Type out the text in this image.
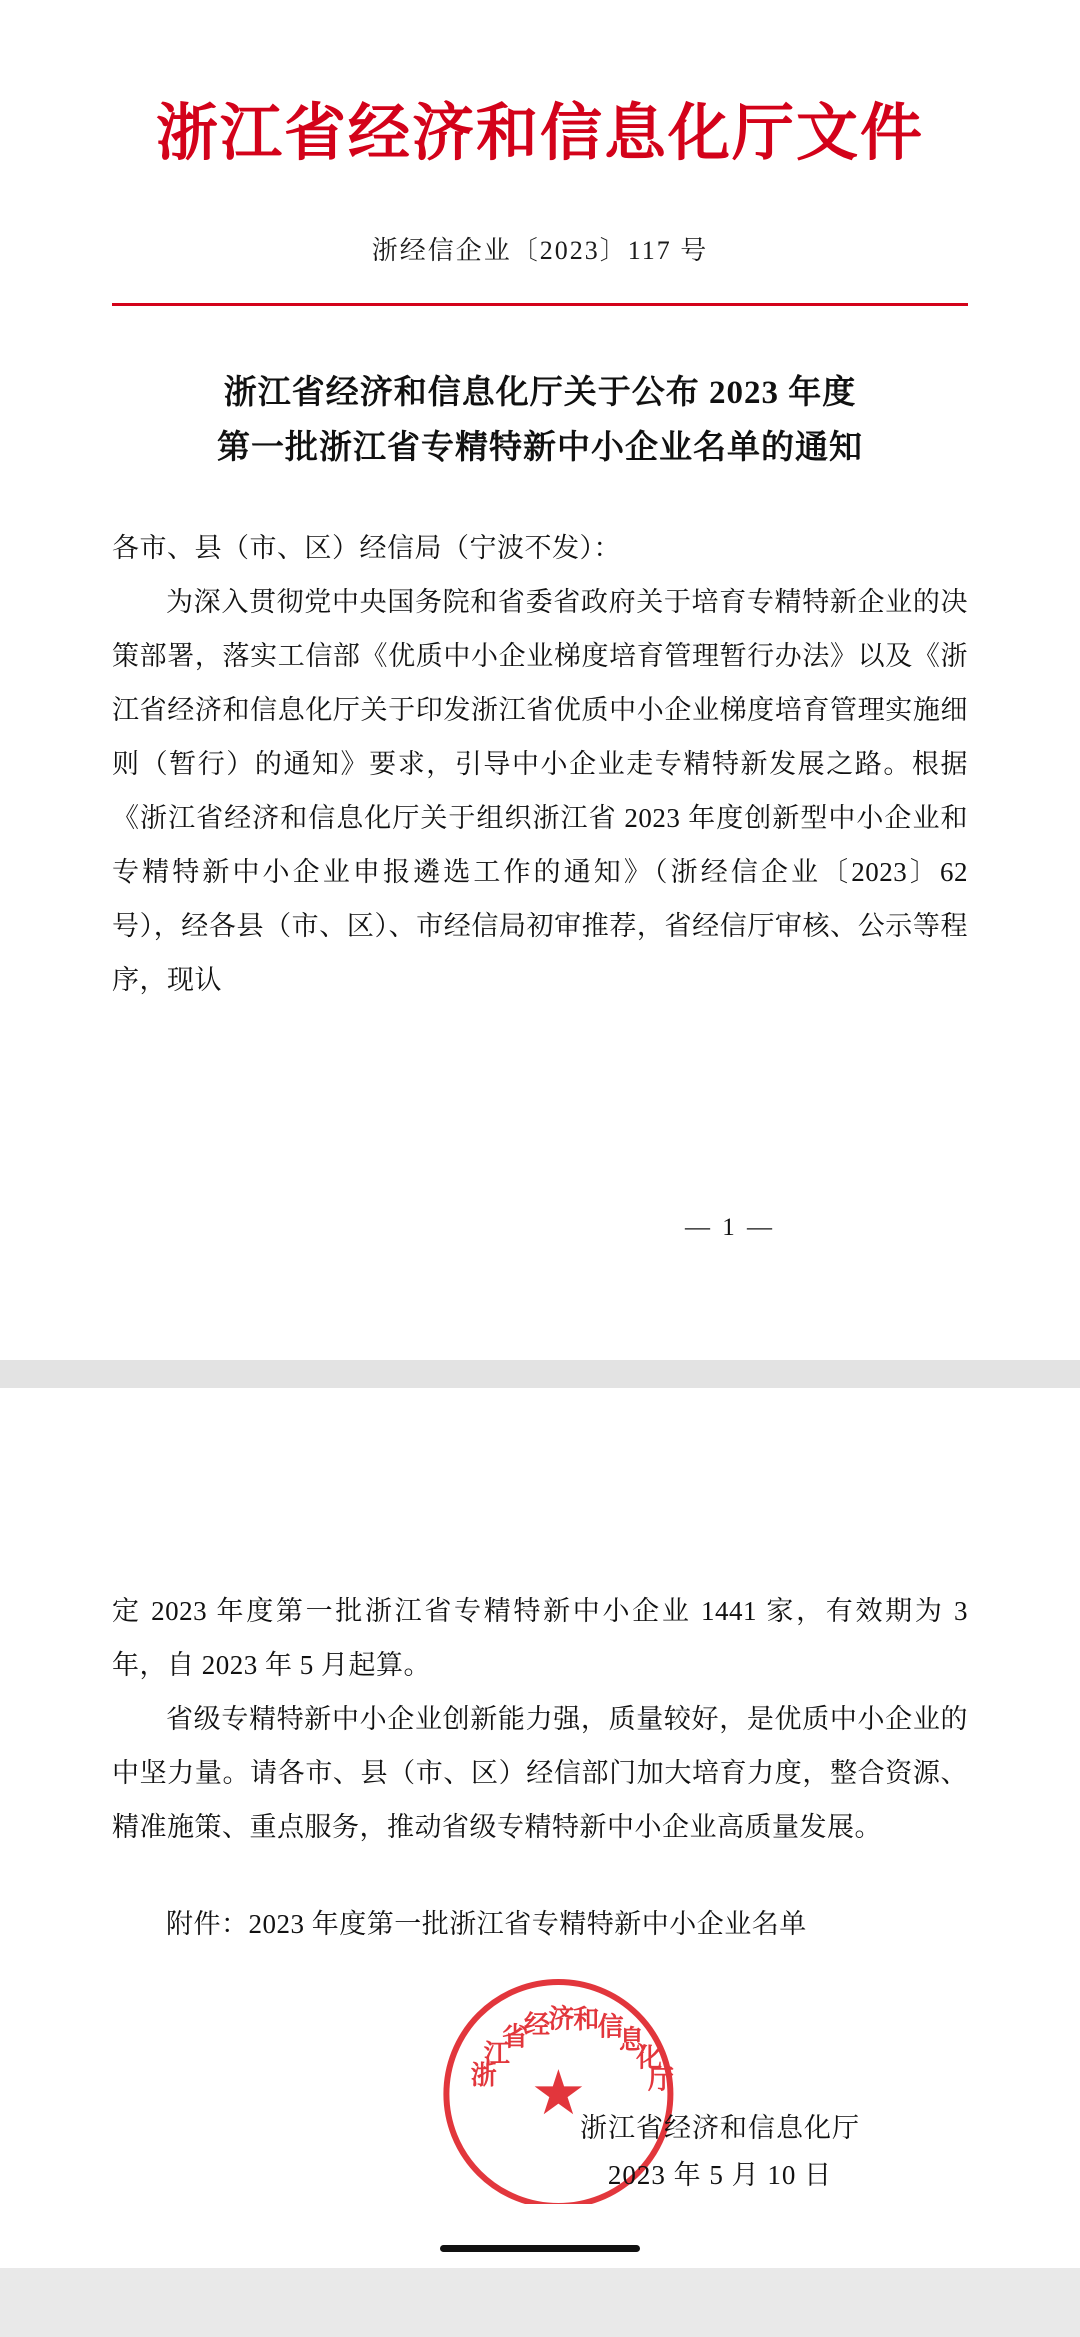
浙江省经济和信息化厅文件
浙经信企业〔2023〕117 号
浙江省经济和信息化厅关于公布 2023 年度
第一批浙江省专精特新中小企业名单的通知

各市、县（市、区）经信局（宁波不发）：

为深入贯彻党中央国务院和省委省政府关于培育专精特新企业的决策部署，落实工信部《优质中小企业梯度培育管理暂行办法》以及《浙江省经济和信息化厅关于印发浙江省优质中小企业梯度培育管理实施细则（暂行）的通知》要求，引导中小企业走专精特新发展之路。根据《浙江省经济和信息化厅关于组织浙江省 2023 年度创新型中小企业和专精特新中小企业申报遴选工作的通知》（浙经信企业〔2023〕62 号），经各县（市、区）、市经信局初审推荐，省经信厅审核、公示等程序，现认

— 1 —

定 2023 年度第一批浙江省专精特新中小企业 1441 家，有效期为 3 年，自 2023 年 5 月起算。

省级专精特新中小企业创新能力强，质量较好，是优质中小企业的中坚力量。请各市、县（市、区）经信部门加大培育力度，整合资源、精准施策、重点服务，推动省级专精特新中小企业高质量发展。

附件：2023 年度第一批浙江省专精特新中小企业名单
浙
江
省
经
济 和
信
息
化
厅
★
浙江省经济和信息化厅
2023 年 5 月 10 日
